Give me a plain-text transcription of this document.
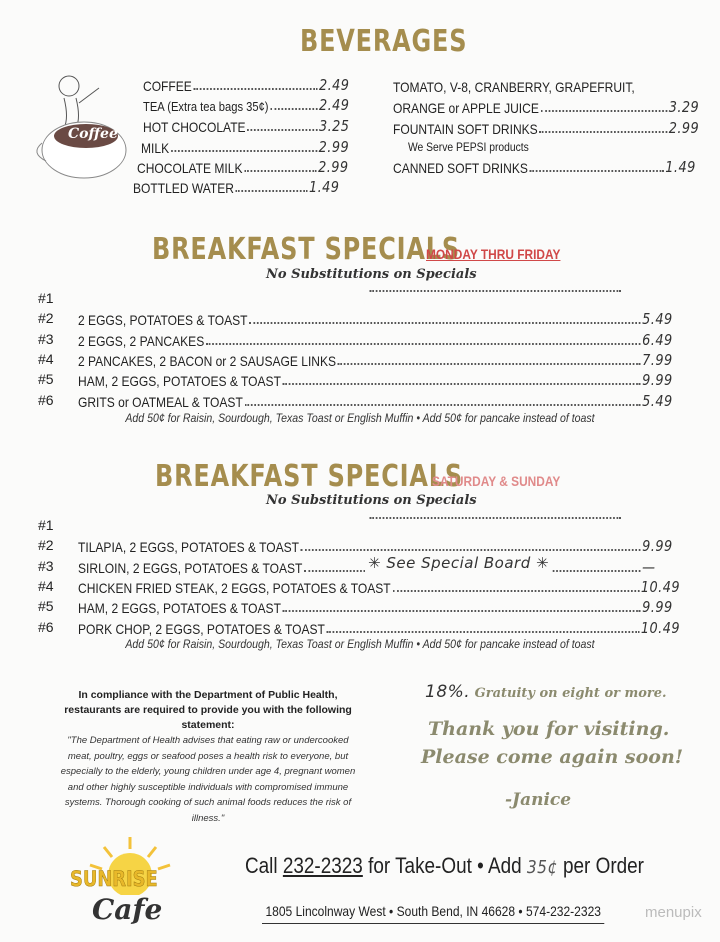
BEVERAGES
Coffee
COFFEE	2.49
TEA (Extra tea bags 35¢)	2.49
HOT CHOCOLATE	3.25
MILK	2.99
CHOCOLATE MILK	2.99
BOTTLED WATER	1.49
TOMATO, V-8, CRANBERRY, GRAPEFRUIT,
ORANGE or APPLE JUICE	3.29
FOUNTAIN SOFT DRINKS	2.99
We Serve PEPSI products
CANNED SOFT DRINKS	1.49
BREAKFAST SPECIALS
MONDAY THRU FRIDAY
No Substitutions on Specials
#1
#2 2 EGGS, POTATOES & TOAST	5.49
#3 2 EGGS, 2 PANCAKES	6.49
#4 2 PANCAKES, 2 BACON or 2 SAUSAGE LINKS	7.99
#5 HAM, 2 EGGS, POTATOES & TOAST	9.99
#6 GRITS or OATMEAL & TOAST	5.49
Add 50¢ for Raisin, Sourdough, Texas Toast or English Muffin • Add 50¢ for pancake instead of toast
BREAKFAST SPECIALS
SATURDAY & SUNDAY
No Substitutions on Specials
#1
#2 TILAPIA, 2 EGGS, POTATOES & TOAST	9.99
#3 SIRLOIN, 2 EGGS, POTATOES & TOAST	—
#4 CHICKEN FRIED STEAK, 2 EGGS, POTATOES & TOAST	10.49
#5 HAM, 2 EGGS, POTATOES & TOAST	9.99
#6 PORK CHOP, 2 EGGS, POTATOES & TOAST	10.49
✳ See Special Board ✳
Add 50¢ for Raisin, Sourdough, Texas Toast or English Muffin • Add 50¢ for pancake instead of toast
In compliance with the Department of Public Health, restaurants are required to provide you with the following statement:
"The Department of Health advises that eating raw or undercooked meat, poultry, eggs or seafood poses a health risk to everyone, but especially to the elderly, young children under age 4, pregnant women and other highly susceptible individuals with compromised immune systems. Thorough cooking of such animal foods reduces the risk of illness."
18%. Gratuity on eight or more.
Thank you for visiting.
Please come again soon!
-Janice
SUNRISE
Cafe
Call 232-2323 for Take-Out • Add 35¢ per Order
1805 Lincolnway West • South Bend, IN 46628 • 574-232-2323	menupix
